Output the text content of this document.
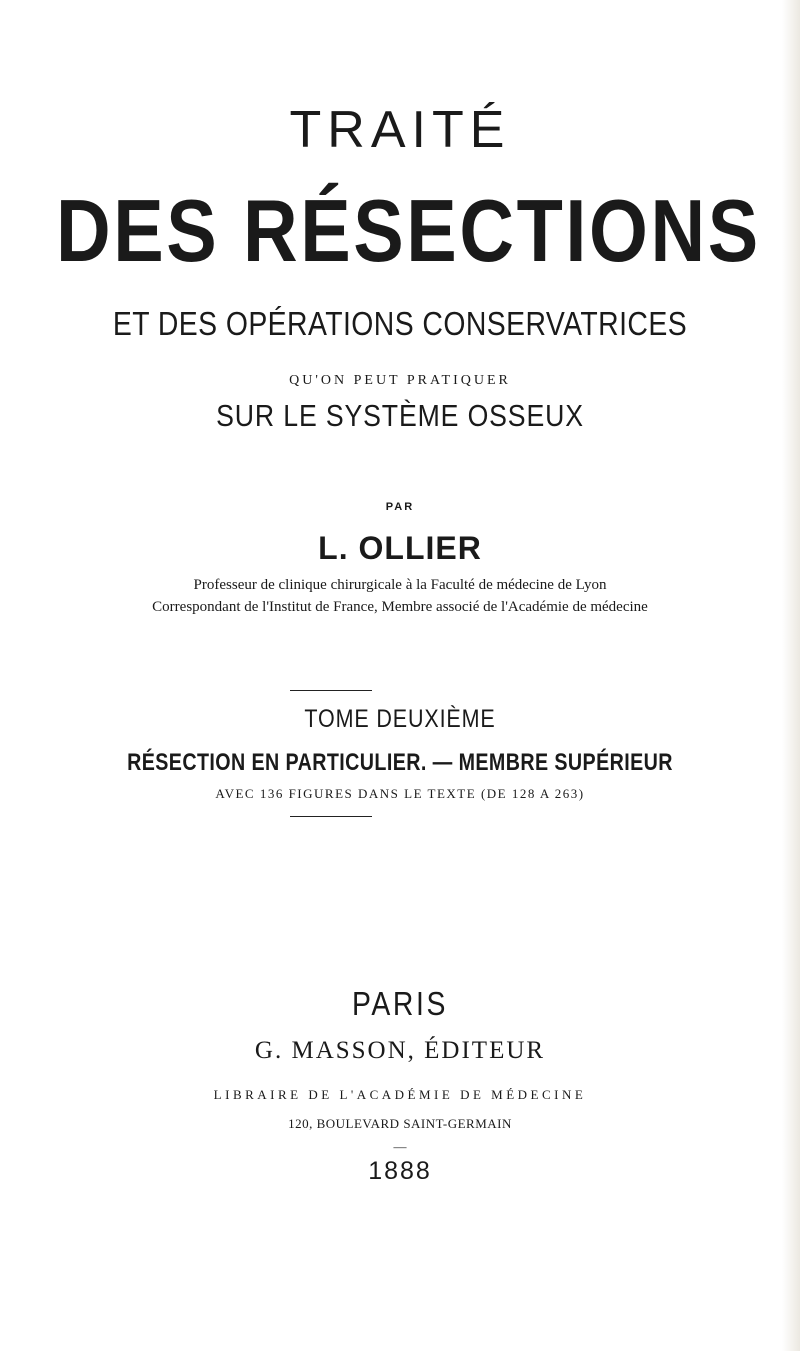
TRAITÉ
DES RÉSECTIONS
ET DES OPÉRATIONS CONSERVATRICES
QU'ON PEUT PRATIQUER
SUR LE SYSTÈME OSSEUX
PAR
L. OLLIER
Professeur de clinique chirurgicale à la Faculté de médecine de Lyon
Correspondant de l'Institut de France, Membre associé de l'Académie de médecine
TOME DEUXIÈME
RÉSECTION EN PARTICULIER. — MEMBRE SUPÉRIEUR
AVEC 136 FIGURES DANS LE TEXTE (DE 128 A 263)
PARIS
G. MASSON, ÉDITEUR
LIBRAIRE DE L'ACADÉMIE DE MÉDECINE
120, BOULEVARD SAINT-GERMAIN
—
1888
